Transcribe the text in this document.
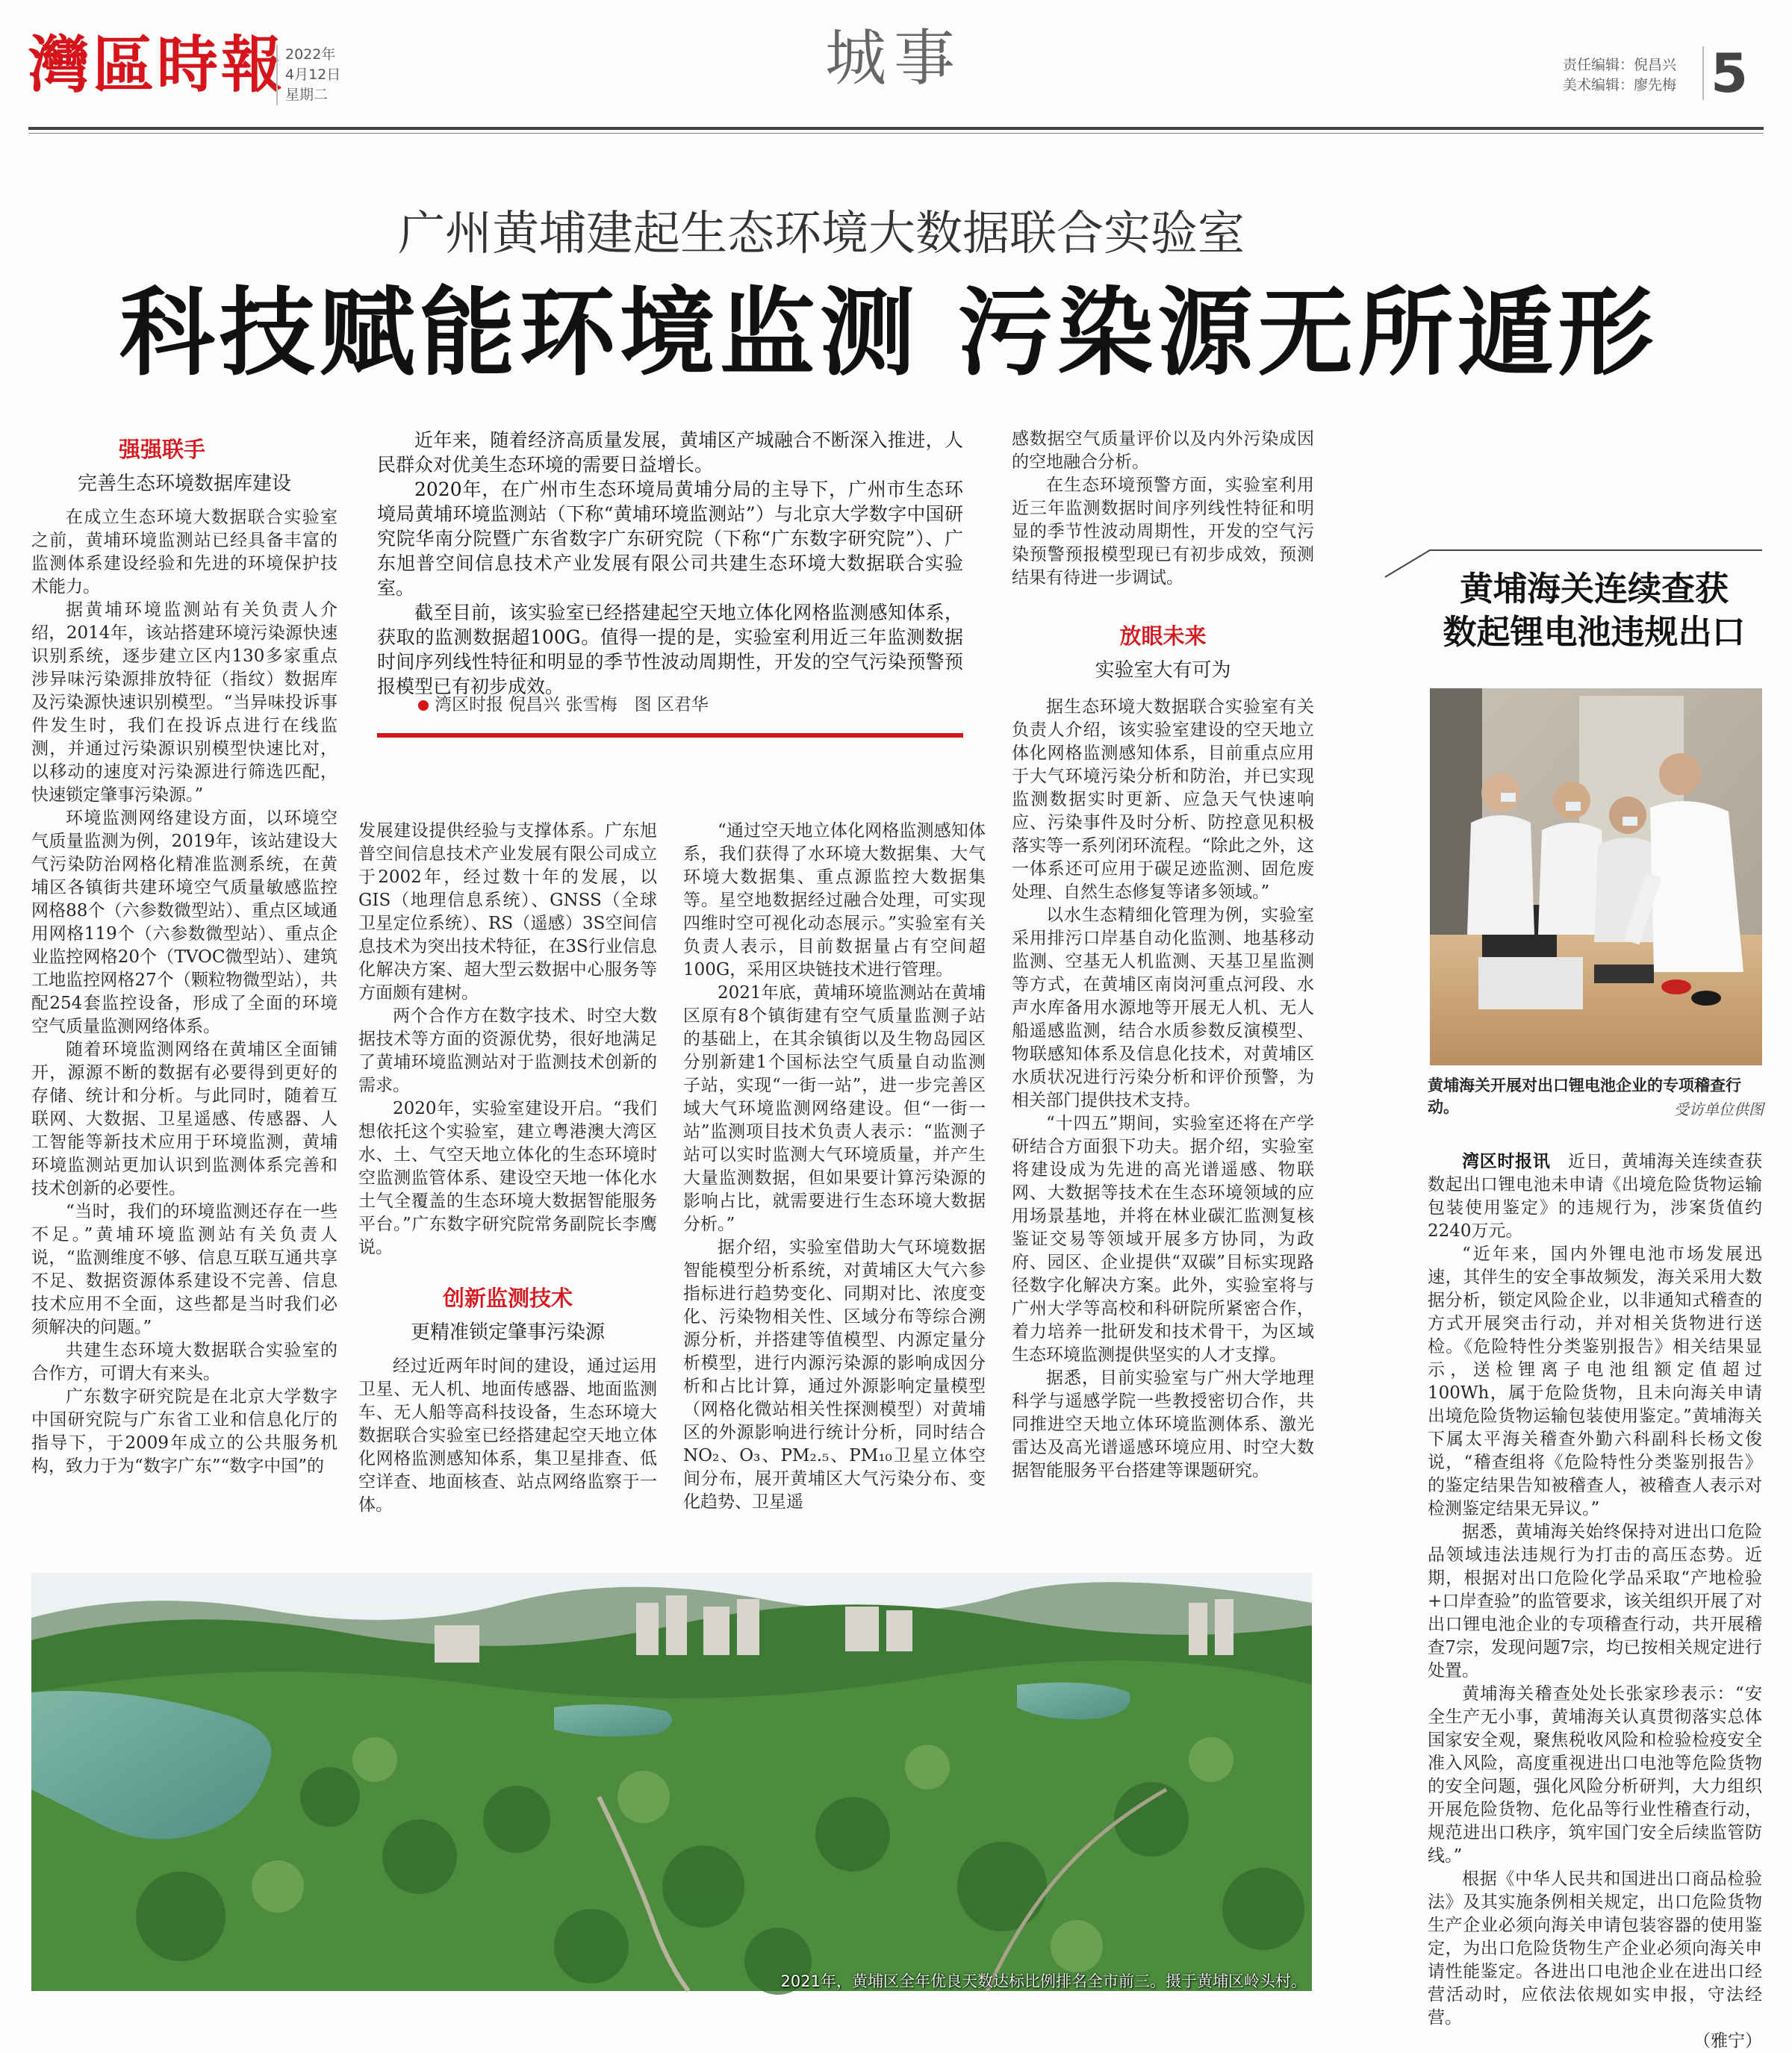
灣區時報 2022年
4月12日
星期二
城事	责任编辑：倪昌兴
美术编辑：廖先梅 5
广州黄埔建起生态环境大数据联合实验室
科技赋能环境监测 污染源无所遁形
强强联手
完善生态环境数据库建设

在成立生态环境大数据联合实验室之前，黄埔环境监测站已经具备丰富的监测体系建设经验和先进的环境保护技术能力。

据黄埔环境监测站有关负责人介绍，2014年，该站搭建环境污染源快速识别系统，逐步建立区内130多家重点涉异味污染源排放特征（指纹）数据库及污染源快速识别模型。“当异味投诉事件发生时，我们在投诉点进行在线监测，并通过污染源识别模型快速比对，以移动的速度对污染源进行筛选匹配，快速锁定肇事污染源。”

环境监测网络建设方面，以环境空气质量监测为例，2019年，该站建设大气污染防治网格化精准监测系统，在黄埔区各镇街共建环境空气质量敏感监控网格88个（六参数微型站）、重点区域通用网格119个（六参数微型站）、重点企业监控网格20个（TVOC微型站）、建筑工地监控网格27个（颗粒物微型站），共配254套监控设备，形成了全面的环境空气质量监测网络体系。

随着环境监测网络在黄埔区全面铺开，源源不断的数据有必要得到更好的存储、统计和分析。与此同时，随着互联网、大数据、卫星遥感、传感器、人工智能等新技术应用于环境监测，黄埔环境监测站更加认识到监测体系完善和技术创新的必要性。

“当时，我们的环境监测还存在一些不足。”黄埔环境监测站有关负责人说，“监测维度不够、信息互联互通共享不足、数据资源体系建设不完善、信息技术应用不全面，这些都是当时我们必须解决的问题。”

共建生态环境大数据联合实验室的合作方，可谓大有来头。

广东数字研究院是在北京大学数字中国研究院与广东省工业和信息化厅的指导下，于2009年成立的公共服务机构，致力于为“数字广东”“数字中国”的

近年来，随着经济高质量发展，黄埔区产城融合不断深入推进，人民群众对优美生态环境的需要日益增长。

2020年，在广州市生态环境局黄埔分局的主导下，广州市生态环境局黄埔环境监测站（下称“黄埔环境监测站”）与北京大学数字中国研究院华南分院暨广东省数字广东研究院（下称“广东数字研究院”）、广东旭普空间信息技术产业发展有限公司共建生态环境大数据联合实验室。

截至目前，该实验室已经搭建起空天地立体化网格监测感知体系，获取的监测数据超100G。值得一提的是，实验室利用近三年监测数据时间序列线性特征和明显的季节性波动周期性，开发的空气污染预警预报模型已有初步成效。

湾区时报 倪昌兴 张雪梅　图 区君华

发展建设提供经验与支撑体系。广东旭普空间信息技术产业发展有限公司成立于2002年，经过数十年的发展，以GIS（地理信息系统）、GNSS（全球卫星定位系统）、RS（遥感）3S空间信息技术为突出技术特征，在3S行业信息化解决方案、超大型云数据中心服务等方面颇有建树。

两个合作方在数字技术、时空大数据技术等方面的资源优势，很好地满足了黄埔环境监测站对于监测技术创新的需求。

2020年，实验室建设开启。“我们想依托这个实验室，建立粤港澳大湾区水、土、气空天地立体化的生态环境时空监测监管体系、建设空天地一体化水土气全覆盖的生态环境大数据智能服务平台。”广东数字研究院常务副院长李鹰说。

创新监测技术
更精准锁定肇事污染源

经过近两年时间的建设，通过运用卫星、无人机、地面传感器、地面监测车、无人船等高科技设备，生态环境大数据联合实验室已经搭建起空天地立体化网格监测感知体系，集卫星排查、低空详查、地面核查、站点网络监察于一体。

“通过空天地立体化网格监测感知体系，我们获得了水环境大数据集、大气环境大数据集、重点源监控大数据集等。星空地数据经过融合处理，可实现四维时空可视化动态展示。”实验室有关负责人表示，目前数据量占有空间超100G，采用区块链技术进行管理。

2021年底，黄埔环境监测站在黄埔区原有8个镇街建有空气质量监测子站的基础上，在其余镇街以及生物岛园区分别新建1个国标法空气质量自动监测子站，实现“一街一站”，进一步完善区域大气环境监测网络建设。但“一街一站”监测项目技术负责人表示：“监测子站可以实时监测大气环境质量，并产生大量监测数据，但如果要计算污染源的影响占比，就需要进行生态环境大数据分析。”

据介绍，实验室借助大气环境数据智能模型分析系统，对黄埔区大气六参指标进行趋势变化、同期对比、浓度变化、污染物相关性、区域分布等综合溯源分析，并搭建等值模型、内源定量分析模型，进行内源污染源的影响成因分析和占比计算，通过外源影响定量模型（网格化微站相关性探测模型）对黄埔区的外源影响进行统计分析，同时结合NO₂、O₃、PM₂.₅、PM₁₀卫星立体空间分布，展开黄埔区大气污染分布、变化趋势、卫星遥

感数据空气质量评价以及内外污染成因的空地融合分析。

在生态环境预警方面，实验室利用近三年监测数据时间序列线性特征和明显的季节性波动周期性，开发的空气污染预警预报模型现已有初步成效，预测结果有待进一步调试。

放眼未来
实验室大有可为

据生态环境大数据联合实验室有关负责人介绍，该实验室建设的空天地立体化网格监测感知体系，目前重点应用于大气环境污染分析和防治，并已实现监测数据实时更新、应急天气快速响应、污染事件及时分析、防控意见积极落实等一系列闭环流程。“除此之外，这一体系还可应用于碳足迹监测、固危废处理、自然生态修复等诸多领域。”

以水生态精细化管理为例，实验室采用排污口岸基自动化监测、地基移动监测、空基无人机监测、天基卫星监测等方式，在黄埔区南岗河重点河段、水声水库备用水源地等开展无人机、无人船遥感监测，结合水质参数反演模型、物联感知体系及信息化技术，对黄埔区水质状况进行污染分析和评价预警，为相关部门提供技术支持。

“十四五”期间，实验室还将在产学研结合方面狠下功夫。据介绍，实验室将建设成为先进的高光谱遥感、物联网、大数据等技术在生态环境领域的应用场景基地，并将在林业碳汇监测复核鉴证交易等领域开展多方协同，为政府、园区、企业提供“双碳”目标实现路径数字化解决方案。此外，实验室将与广州大学等高校和科研院所紧密合作，着力培养一批研发和技术骨干，为区域生态环境监测提供坚实的人才支撑。

据悉，目前实验室与广州大学地理科学与遥感学院一些教授密切合作，共同推进空天地立体环境监测体系、激光雷达及高光谱遥感环境应用、时空大数据智能服务平台搭建等课题研究。

黄埔海关连续查获
数起锂电池违规出口
黄埔海关开展对出口锂电池企业的专项稽查行动。	受访单位供图

湾区时报讯　 近日，黄埔海关连续查获数起出口锂电池未申请《出境危险货物运输包装使用鉴定》的违规行为，涉案货值约2240万元。

“近年来，国内外锂电池市场发展迅速，其伴生的安全事故频发，海关采用大数据分析，锁定风险企业，以非通知式稽查的方式开展突击行动，并对相关货物进行送检。《危险特性分类鉴别报告》相关结果显示，送检锂离子电池组额定值超过100Wh，属于危险货物，且未向海关申请出境危险货物运输包装使用鉴定。”黄埔海关下属太平海关稽查外勤六科副科长杨文俊说，“稽查组将《危险特性分类鉴别报告》的鉴定结果告知被稽查人，被稽查人表示对检测鉴定结果无异议。”

据悉，黄埔海关始终保持对进出口危险品领域违法违规行为打击的高压态势。近期，根据对出口危险化学品采取“产地检验+口岸查验”的监管要求，该关组织开展了对出口锂电池企业的专项稽查行动，共开展稽查7宗，发现问题7宗，均已按相关规定进行处置。

黄埔海关稽查处处长张家珍表示：“安全生产无小事，黄埔海关认真贯彻落实总体国家安全观，聚焦税收风险和检验检疫安全准入风险，高度重视进出口电池等危险货物的安全问题，强化风险分析研判，大力组织开展危险货物、危化品等行业性稽查行动，规范进出口秩序，筑牢国门安全后续监管防线。”

根据《中华人民共和国进出口商品检验法》及其实施条例相关规定，出口危险货物生产企业必须向海关申请包装容器的使用鉴定，为出口危险货物生产企业必须向海关申请性能鉴定。各进出口电池企业在进出口经营活动时，应依法依规如实申报，守法经营。

（雅宁）
2021年，黄埔区全年优良天数达标比例排名全市前三。摄于黄埔区岭头村。
